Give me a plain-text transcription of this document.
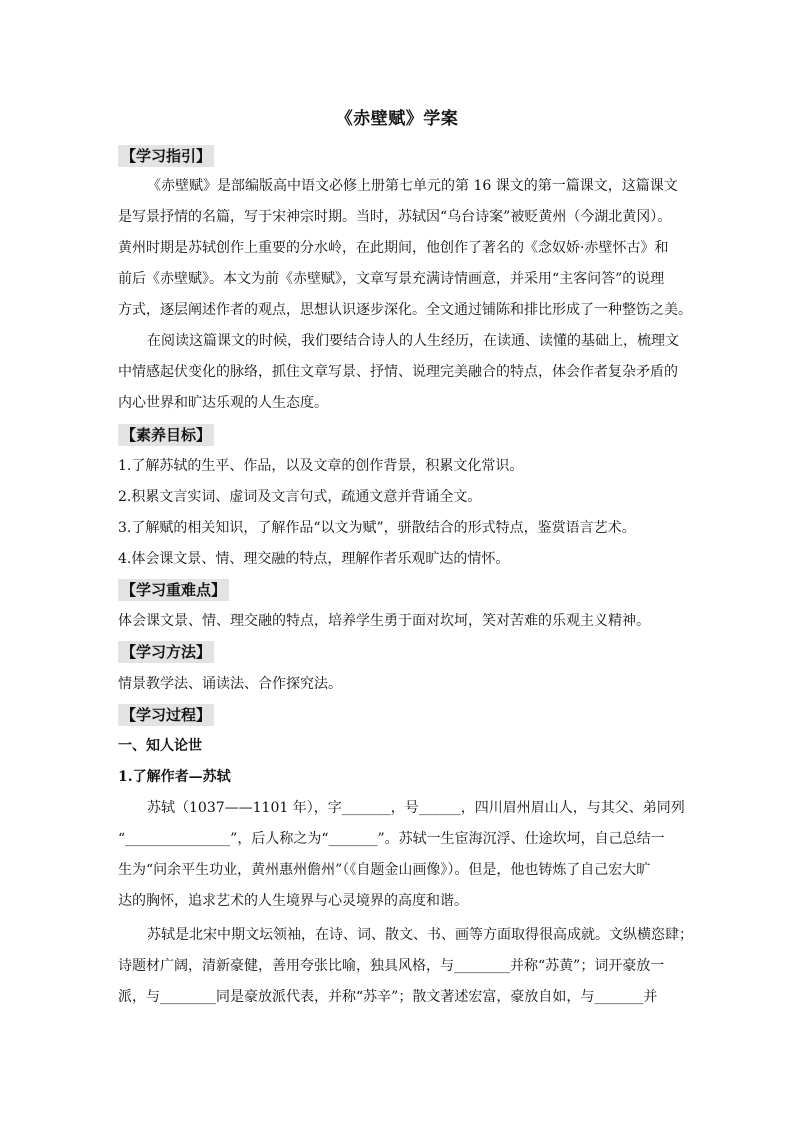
《赤壁赋》学案
【学习指引】
《赤壁赋》是部编版高中语文必修上册第七单元的第 16 课文的第一篇课文，这篇课文
是写景抒情的名篇，写于宋神宗时期。当时，苏轼因“乌台诗案”被贬黄州（今湖北黄冈）。
黄州时期是苏轼创作上重要的分水岭，在此期间，他创作了著名的《念奴娇·赤壁怀古》和
前后《赤壁赋》。本文为前《赤壁赋》，文章写景充满诗情画意，并采用“主客问答”的说理
方式，逐层阐述作者的观点，思想认识逐步深化。全文通过铺陈和排比形成了一种整饬之美。
在阅读这篇课文的时候，我们要结合诗人的人生经历，在读通、读懂的基础上，梳理文
中情感起伏变化的脉络，抓住文章写景、抒情、说理完美融合的特点，体会作者复杂矛盾的
内心世界和旷达乐观的人生态度。
【素养目标】
1.了解苏轼的生平、作品，以及文章的创作背景，积累文化常识。
2.积累文言实词、虚词及文言句式，疏通文意并背诵全文。
3.了解赋的相关知识，了解作品“以文为赋”，骈散结合的形式特点，鉴赏语言艺术。
4.体会课文景、情、理交融的特点，理解作者乐观旷达的情怀。
【学习重难点】
体会课文景、情、理交融的特点，培养学生勇于面对坎坷，笑对苦难的乐观主义精神。
【学习方法】
情景教学法、诵读法、合作探究法。
【学习过程】
一、知人论世
1.了解作者—苏轼
苏轼（1037——1101 年），字_______，号______，四川眉州眉山人，与其父、弟同列
“_______________”，后人称之为“_______”。苏轼一生宦海沉浮、仕途坎坷，自己总结一
生为“问余平生功业，黄州惠州儋州”（《自题金山画像》）。但是，他也铸炼了自己宏大旷
达的胸怀，追求艺术的人生境界与心灵境界的高度和谐。
苏轼是北宋中期文坛领袖，在诗、词、散文、书、画等方面取得很高成就。文纵横恣肆；
诗题材广阔，清新豪健，善用夸张比喻，独具风格，与________并称“苏黄”；词开豪放一
派，与________同是豪放派代表，并称“苏辛”；散文著述宏富，豪放自如，与_______并
